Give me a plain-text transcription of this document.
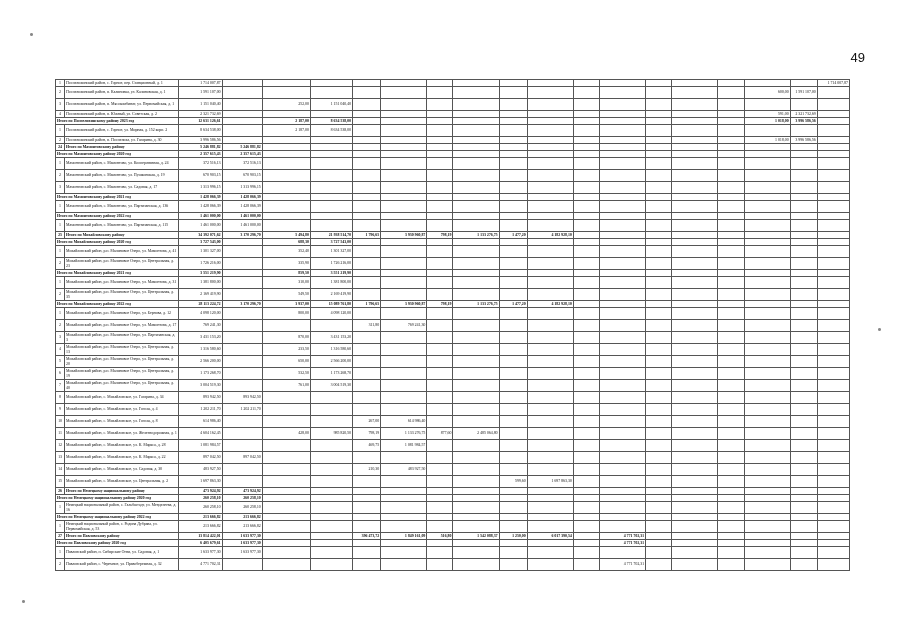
49
1	Поспелихинский район, с. Горное, пер. Станционный, д. 1	1 714 007,87																	1 714 007,87
2	Поспелихинский район, п. Калиновка, ул. Калиновская, д. 1	1 591 107,00															600,00	1 591 107,00	
3	Поспелихинский район, п. Мясокомбинат, ул. Первомайская, д. 1	1 151 040,40		252,00	1 151 040,40														
4	Поспелихинский район, п. Южный, ул. Советская, д. 2	2 321 732,69															591,00	2 321 732,69	
Итого по Поспелихинскому району 2023 год		12 631 126,61		2 187,00	8 634 538,00												1 018,00	3 996 586,56	
1	Поспелихинский район, с. Горное, ул. Мирная, д. 152 корп. 2	8 634 538,00		2 187,00	8 634 538,00														
2	Поспелихинский район, п. Поспелиха, ул. Гагарина, д. 30	3 996 586,56															1 018,00	3 996 586,56	
24	Итого по Мамонтовскому району	5 246 881,82	5 246 881,82																
Итого по Мамонтовскому району 2020 год		2 357 615,43	2 357 615,43																
1	Мамонтовский район, с. Мамонтово, ул. Кооперативная, д. 24	372 516,13	372 516,13																
2	Мамонтовский район, с. Мамонтово, ул. Пушкинская, д. 19	670 903,15	670 903,15																
3	Мамонтовский район, с. Мамонтово, ул. Садовая, д. 17	1 313 996,15	1 313 996,15																
Итого по Мамонтовскому району 2021 год		1 428 066,39	1 428 066,39																
1	Мамонтовский район, с. Мамонтово, ул. Партизанская, д. 136	1 428 066,39	1 428 066,39																
Итого по Мамонтовскому району 2022 год		1 461 000,00	1 461 000,00																
1	Мамонтовский район, с. Мамонтово, ул. Партизанская, д. 115	1 461 000,00	1 461 000,00																
25	Итого по Михайловскому району	34 392 071,62	3 170 296,70	5 494,80	21 938 514,70	1 796,65	3 930 960,87	798,19	1 133 276,75	1 477,20	4 182 928,10								
Итого по Михайловскому району 2020 год		3 727 543,00		688,30	3 727 543,00														
1	Михайловский район, р.п. Малиновое Озеро, ул. Мамонтова, д. 41	1 301 327,00		352,40	1 301 327,00														
2	Михайловский район, р.п. Малиновое Озеро, ул. Центральная, д. 23	1 726 216,00		335,90	1 726 216,00														
Итого по Михайловскому району 2021 год		3 551 219,90		859,50	3 551 219,90														
1	Михайловский район, р.п. Малиновое Озеро, ул. Мамонтова, д. 31	1 381 800,00		310,00	1 381 800,00														
2	Михайловский район, р.п. Малиновое Озеро, ул. Центральная, д. 35	2 169 419,90		549,50	2 169 419,90														
Итого по Михайловскому району 2022 год		28 113 224,72	3 170 296,70	3 937,00	15 089 761,80	1 796,65	3 930 960,87	798,19	1 133 276,75	1 477,20	4 182 928,10								
1	Михайловский район, р.п. Малиновое Озеро, ул. Бернова, д. 12	4 098 120,00		800,00	4 098 120,00														
2	Михайловский район, р.п. Малиновое Озеро, ул. Мамонтова, д. 17	769 241,30				311,80	769 241,30												
3	Михайловский район, р.п. Малиновое Озеро, ул. Партизанская, д. 3	3 431 153,20		870,00	3 431 153,20														
4	Михайловский район, р.п. Малиновое Озеро, ул. Центральная, д. 13	1 316 580,60		233,50	1 316 580,60														
5	Михайловский район, р.п. Малиновое Озеро, ул. Центральная, д. 20	2 566 200,00		650,00	2 566 200,00														
6	Михайловский район, р.п. Малиновое Озеро, ул. Центральная, д. 19	1 173 268,70		532,50	1 173 268,70														
7	Михайловский район, р.п. Малиновое Озеро, ул. Центральная, д. 40	3 004 519,30		761,00	3 004 519,30														
8	Михайловский район, с. Михайловское, ул. Гагарина, д. 34	893 942,50	893 942,50																
9	Михайловский район, с. Михайловское, ул. Гоголя, д. 4	1 202 211,70	1 202 211,70																
10	Михайловский район, с. Михайловское, ул. Гоголя, д. 8	614 986,40				267,00	614 986,40												
11	Михайловский район, с. Михайловское, ул. Железнодорожная, д. 1	4 604 162,45		428,00	985 820,50	798,19	1 133 276,75	877,60	2 485 064,80										
12	Михайловский район, с. Михайловское, ул. К. Маркса, д. 28	1 081 984,57				469,75	1 081 984,57												
13	Михайловский район, с. Михайловское, ул. К. Маркса, д. 22	897 042,50	897 042,50																
14	Михайловский район, с. Михайловское, ул. Садовая, д. 30	483 927,50				210,30	483 927,50												
15	Михайловский район, с. Михайловское, ул. Центральная, д. 2	1 697 863,30								599,60	1 697 863,30								
26	Итого по Немецкому национальному району	473 924,92	473 924,92																
Итого по Немецкому национальному району 2020 год		260 258,10	260 258,10																
1	Немецкий национальный район, с. Гальбштадт, ул. Менделеева, д. 16	260 258,10	260 258,10																
Итого по Немецкому национальному району 2022 год		213 666,82	213 666,82																
1	Немецкий национальный район, с. Родина Дубрава, ул. Первомайская, д. 53	213 666,82	213 666,82																
27	Итого по Павловскому району	13 814 422,01	1 633 977,30			396 473,72	1 849 161,09	516,80	1 542 088,37	1 250,00	6 017 390,54		4 771 702,31						
Итого по Павловскому району 2020 год		6 405 679,61	1 633 977,30										4 771 702,31						
1	Павловский район, п. Сибирские Огни, ул. Садовая, д. 1	1 633 977,30	1 633 977,30																
2	Павловский район, с. Черемное, ул. Правобережная, д. 32	4 771 702,31											4 771 702,31						
